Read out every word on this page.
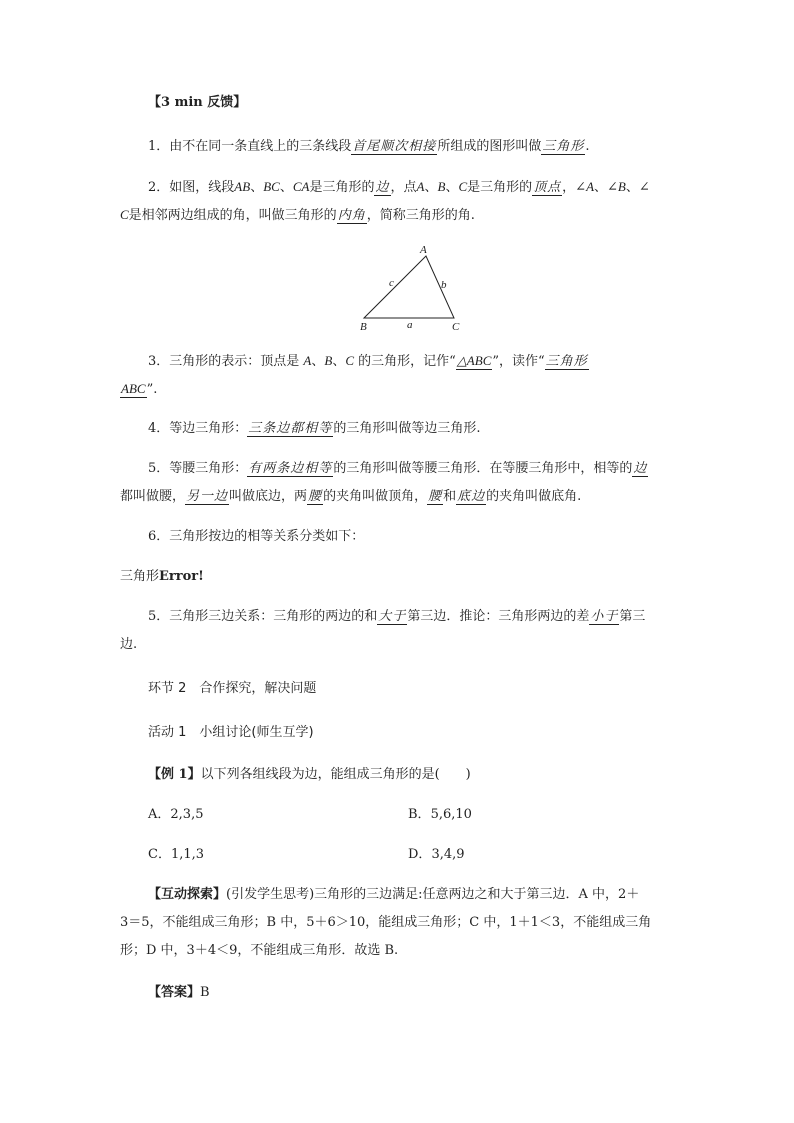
【3 min 反馈】
1．由不在同一条直线上的三条线段首尾顺次相接所组成的图形叫做三角形.
2．如图，线段AB、BC、CA是三角形的边，点A、B、C是三角形的顶点，∠A、∠B、∠
C是相邻两边组成的角，叫做三角形的内角，简称三角形的角.
A
B	C
a
b
c
3．三角形的表示：顶点是 A、B、C 的三角形，记作“△ABC”，读作“三角形
ABC”.
4．等边三角形：三条边都相等的三角形叫做等边三角形.
5．等腰三角形：有两条边相等的三角形叫做等腰三角形．在等腰三角形中，相等的边
都叫做腰，另一边叫做底边，两腰的夹角叫做顶角，腰和底边的夹角叫做底角.
6．三角形按边的相等关系分类如下：
三角形Error!
5．三角形三边关系：三角形的两边的和大于第三边．推论：三角形两边的差小于第三
边.
环节 2　合作探究，解决问题
活动 1　小组讨论(师生互学)
【例 1】以下列各组线段为边，能组成三角形的是(　　)
A．2,3,5	B．5,6,10
C．1,1,3	D．3,4,9
【互动探索】(引发学生思考)三角形的三边满足:任意两边之和大于第三边．A 中，2＋
3＝5，不能组成三角形；B 中，5＋6＞10，能组成三角形；C 中，1＋1＜3，不能组成三角
形；D 中，3＋4＜9，不能组成三角形．故选 B.
【答案】B
